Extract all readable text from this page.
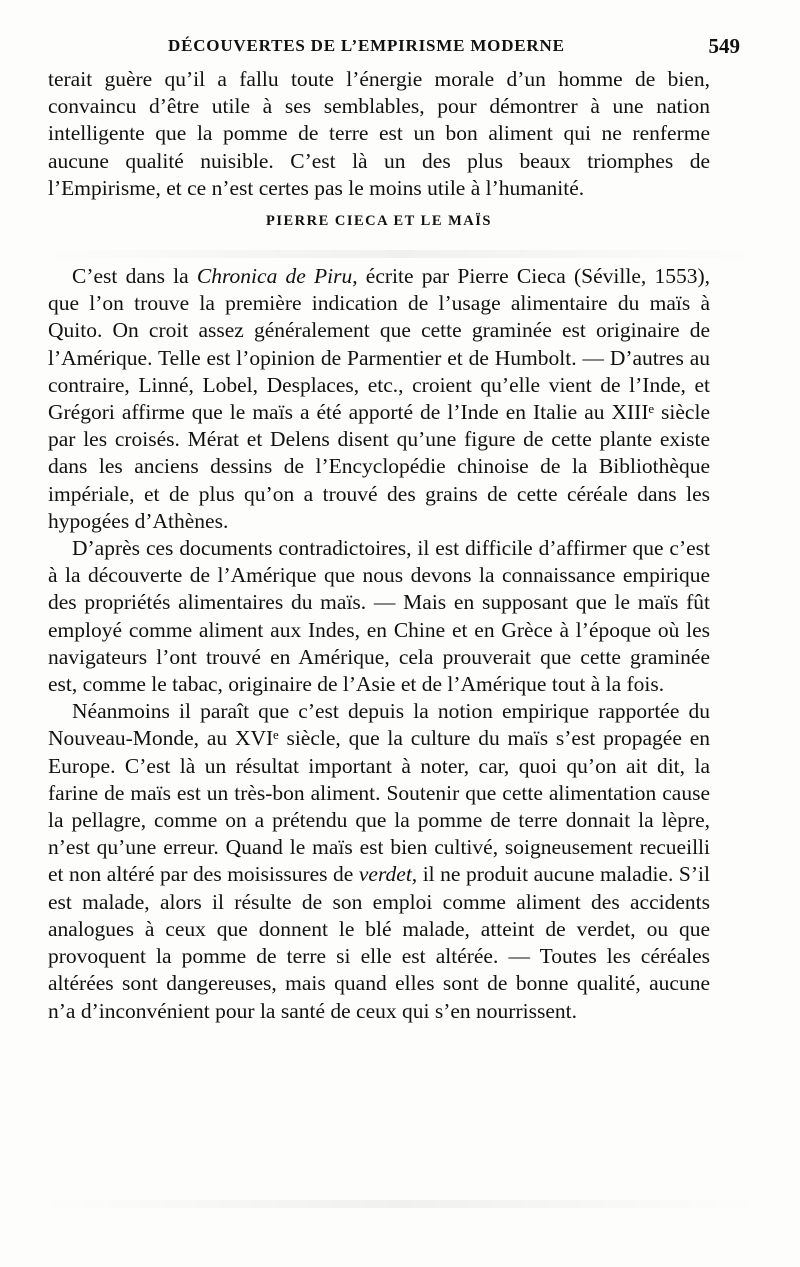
DÉCOUVERTES DE L’EMPIRISME MODERNE	549

terait guère qu’il a fallu toute l’énergie morale d’un homme de bien, convaincu d’être utile à ses semblables, pour démontrer à une nation intelligente que la pomme de terre est un bon aliment qui ne renferme aucune qualité nuisible. C’est là un des plus beaux triomphes de l’Empirisme, et ce n’est certes pas le moins utile à l’humanité.

PIERRE CIECA ET LE MAÏS

C’est dans la Chronica de Piru, écrite par Pierre Cieca (Séville, 1553), que l’on trouve la première indication de l’usage alimentaire du maïs à Quito. On croit assez généralement que cette graminée est originaire de l’Amérique. Telle est l’opinion de Parmentier et de Humbolt. — D’autres au contraire, Linné, Lobel, Desplaces, etc., croient qu’elle vient de l’Inde, et Grégori affirme que le maïs a été apporté de l’Inde en Italie au XIIIᵉ siècle par les croisés. Mérat et Delens disent qu’une figure de cette plante existe dans les anciens dessins de l’Encyclopédie chinoise de la Bibliothèque impériale, et de plus qu’on a trouvé des grains de cette céréale dans les hypogées d’Athènes.

D’après ces documents contradictoires, il est difficile d’affirmer que c’est à la découverte de l’Amérique que nous devons la connaissance empirique des propriétés alimentaires du maïs. — Mais en supposant que le maïs fût employé comme aliment aux Indes, en Chine et en Grèce à l’époque où les navigateurs l’ont trouvé en Amérique, cela prouverait que cette graminée est, comme le tabac, originaire de l’Asie et de l’Amérique tout à la fois.

Néanmoins il paraît que c’est depuis la notion empirique rapportée du Nouveau-Monde, au XVIᵉ siècle, que la culture du maïs s’est propagée en Europe. C’est là un résultat important à noter, car, quoi qu’on ait dit, la farine de maïs est un très-bon aliment. Soutenir que cette alimentation cause la pellagre, comme on a prétendu que la pomme de terre donnait la lèpre, n’est qu’une erreur. Quand le maïs est bien cultivé, soigneusement recueilli et non altéré par des moisissures de verdet, il ne produit aucune maladie. S’il est malade, alors il résulte de son emploi comme aliment des accidents analogues à ceux que donnent le blé malade, atteint de verdet, ou que provoquent la pomme de terre si elle est altérée. — Toutes les céréales altérées sont dangereuses, mais quand elles sont de bonne qualité, aucune n’a d’inconvénient pour la santé de ceux qui s’en nourrissent.
